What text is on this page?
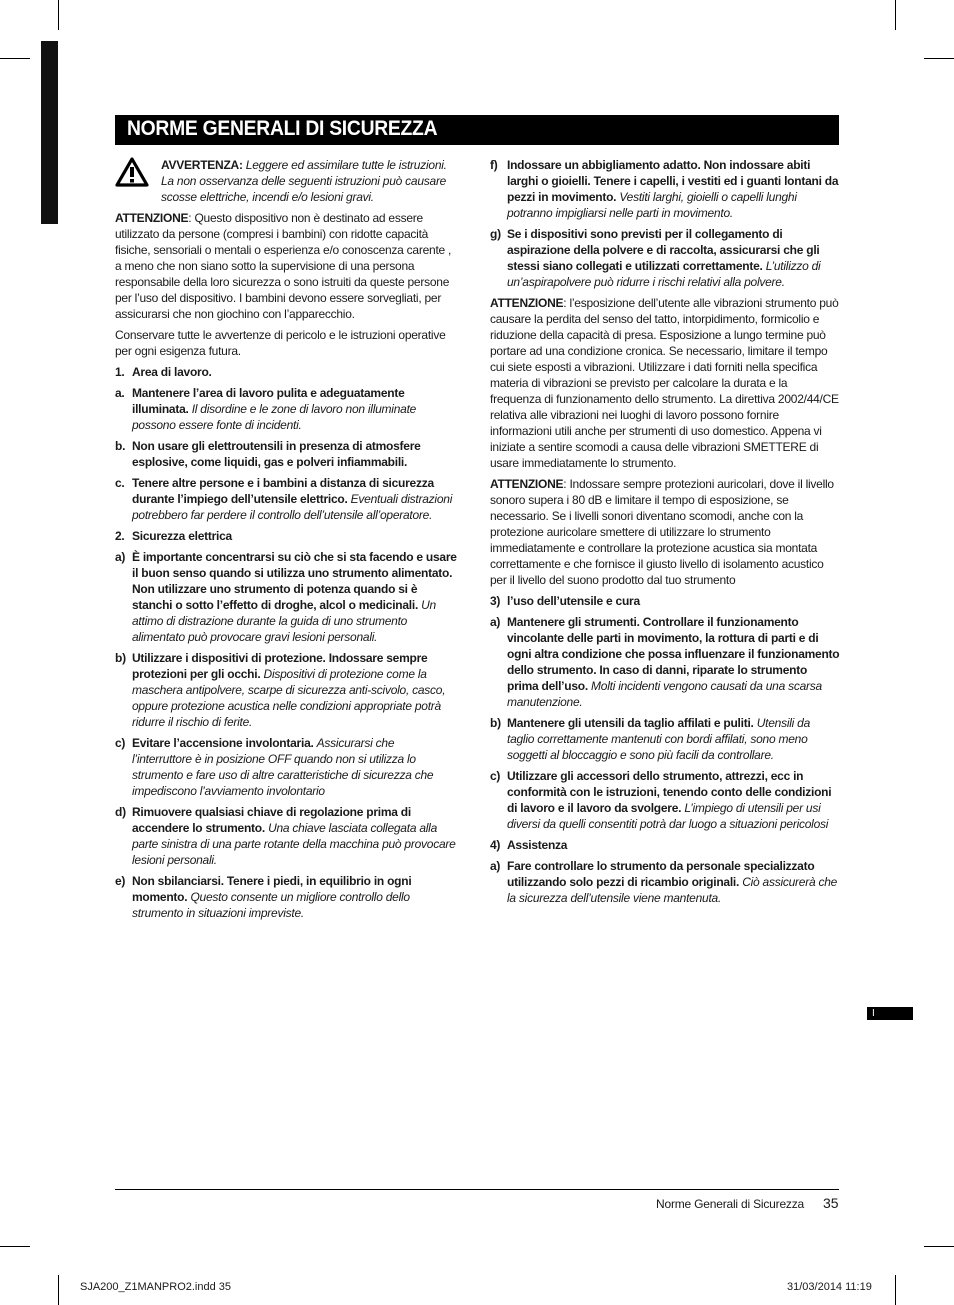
NORME GENERALI DI SICUREZZA
AVVERTENZA: Leggere ed assimilare tutte le istruzioni. La non osservanza delle seguenti istruzioni può causare scosse elettriche, incendi e/o lesioni gravi.

ATTENZIONE: Questo dispositivo non è destinato ad essere utilizzato da persone (compresi i bambini) con ridotte capacità fisiche, sensoriali o mentali o esperienza e/o conoscenza carente , a meno che non siano sotto la supervisione di una persona responsabile della loro sicurezza o sono istruiti da queste persone per l’uso del dispositivo. I bambini devono essere sorvegliati, per assicurarsi che non giochino con l’apparecchio.

Conservare tutte le avvertenze di pericolo e le istruzioni operative per ogni esigenza futura.

1. Area di lavoro.
a. Mantenere l’area di lavoro pulita e adeguatamente illuminata. Il disordine e le zone di lavoro non illuminate possono essere fonte di incidenti.
b. Non usare gli elettroutensili in presenza di atmosfere esplosive, come liquidi, gas e polveri infiammabili.
c. Tenere altre persone e i bambini a distanza di sicurezza durante l’impiego dell’utensile elettrico. Eventuali distrazioni potrebbero far perdere il controllo dell’utensile all’operatore.
2. Sicurezza elettrica
a) È importante concentrarsi su ciò che si sta facendo e usare il buon senso quando si utilizza uno strumento alimentato. Non utilizzare uno strumento di potenza quando si è stanchi o sotto l’effetto di droghe, alcol o medicinali. Un attimo di distrazione durante la guida di uno strumento alimentato può provocare gravi lesioni personali.
b) Utilizzare i dispositivi di protezione. Indossare sempre protezioni per gli occhi. Dispositivi di protezione come la maschera antipolvere, scarpe di sicurezza anti-scivolo, casco, oppure protezione acustica nelle condizioni appropriate potrà ridurre il rischio di ferite.
c) Evitare l’accensione involontaria. Assicurarsi che l’interruttore è in posizione OFF quando non si utilizza lo strumento e fare uso di altre caratteristiche di sicurezza che impediscono l’avviamento involontario
d) Rimuovere qualsiasi chiave di regolazione prima di accendere lo strumento. Una chiave lasciata collegata alla parte sinistra di una parte rotante della macchina può provocare lesioni personali.
e) Non sbilanciarsi. Tenere i piedi, in equilibrio in ogni momento. Questo consente un migliore controllo dello strumento in situazioni impreviste.
f) Indossare un abbigliamento adatto. Non indossare abiti larghi o gioielli. Tenere i capelli, i vestiti ed i guanti lontani da pezzi in movimento. Vestiti larghi, gioielli o capelli lunghi potranno impigliarsi nelle parti in movimento.
g) Se i dispositivi sono previsti per il collegamento di aspirazione della polvere e di raccolta, assicurarsi che gli stessi siano collegati e utilizzati correttamente. L’utilizzo di un’aspirapolvere può ridurre i rischi relativi alla polvere.

ATTENZIONE: l’esposizione dell’utente alle vibrazioni strumento può causare la perdita del senso del tatto, intorpidimento, formicolio e riduzione della capacità di presa. Esposizione a lungo termine può portare ad una condizione cronica. Se necessario, limitare il tempo cui siete esposti a vibrazioni. Utilizzare i dati forniti nella specifica materia di vibrazioni se previsto per calcolare la durata e la frequenza di funzionamento dello strumento. La direttiva 2002/44/CE relativa alle vibrazioni nei luoghi di lavoro possono fornire informazioni utili anche per strumenti di uso domestico. Appena vi iniziate a sentire scomodi a causa delle vibrazioni SMETTERE di usare immediatamente lo strumento.

ATTENZIONE: Indossare sempre protezioni auricolari, dove il livello sonoro supera i 80 dB e limitare il tempo di esposizione, se necessario. Se i livelli sonori diventano scomodi, anche con la protezione auricolare smettere di utilizzare lo strumento immediatamente e controllare la protezione acustica sia montata correttamente e che fornisce il giusto livello di isolamento acustico per il livello del suono prodotto dal tuo strumento

3) l’uso dell’utensile e cura
a) Mantenere gli strumenti. Controllare il funzionamento vincolante delle parti in movimento, la rottura di parti e di ogni altra condizione che possa influenzare il funzionamento dello strumento. In caso di danni, riparate lo strumento prima dell’uso. Molti incidenti vengono causati da una scarsa manutenzione.
b) Mantenere gli utensili da taglio affilati e puliti. Utensili da taglio correttamente mantenuti con bordi affilati, sono meno soggetti al bloccaggio e sono più facili da controllare.
c) Utilizzare gli accessori dello strumento, attrezzi, ecc in conformità con le istruzioni, tenendo conto delle condizioni di lavoro e il lavoro da svolgere. L’impiego di utensili per usi diversi da quelli consentiti potrà dar luogo a situazioni pericolosi
4) Assistenza
a) Fare controllare lo strumento da personale specializzato utilizzando solo pezzi di ricambio originali. Ciò assicurerà che la sicurezza dell’utensile viene mantenuta.
I
Norme Generali di Sicurezza 35
SJA200_Z1MANPRO2.indd 35	31/03/2014 11:19
